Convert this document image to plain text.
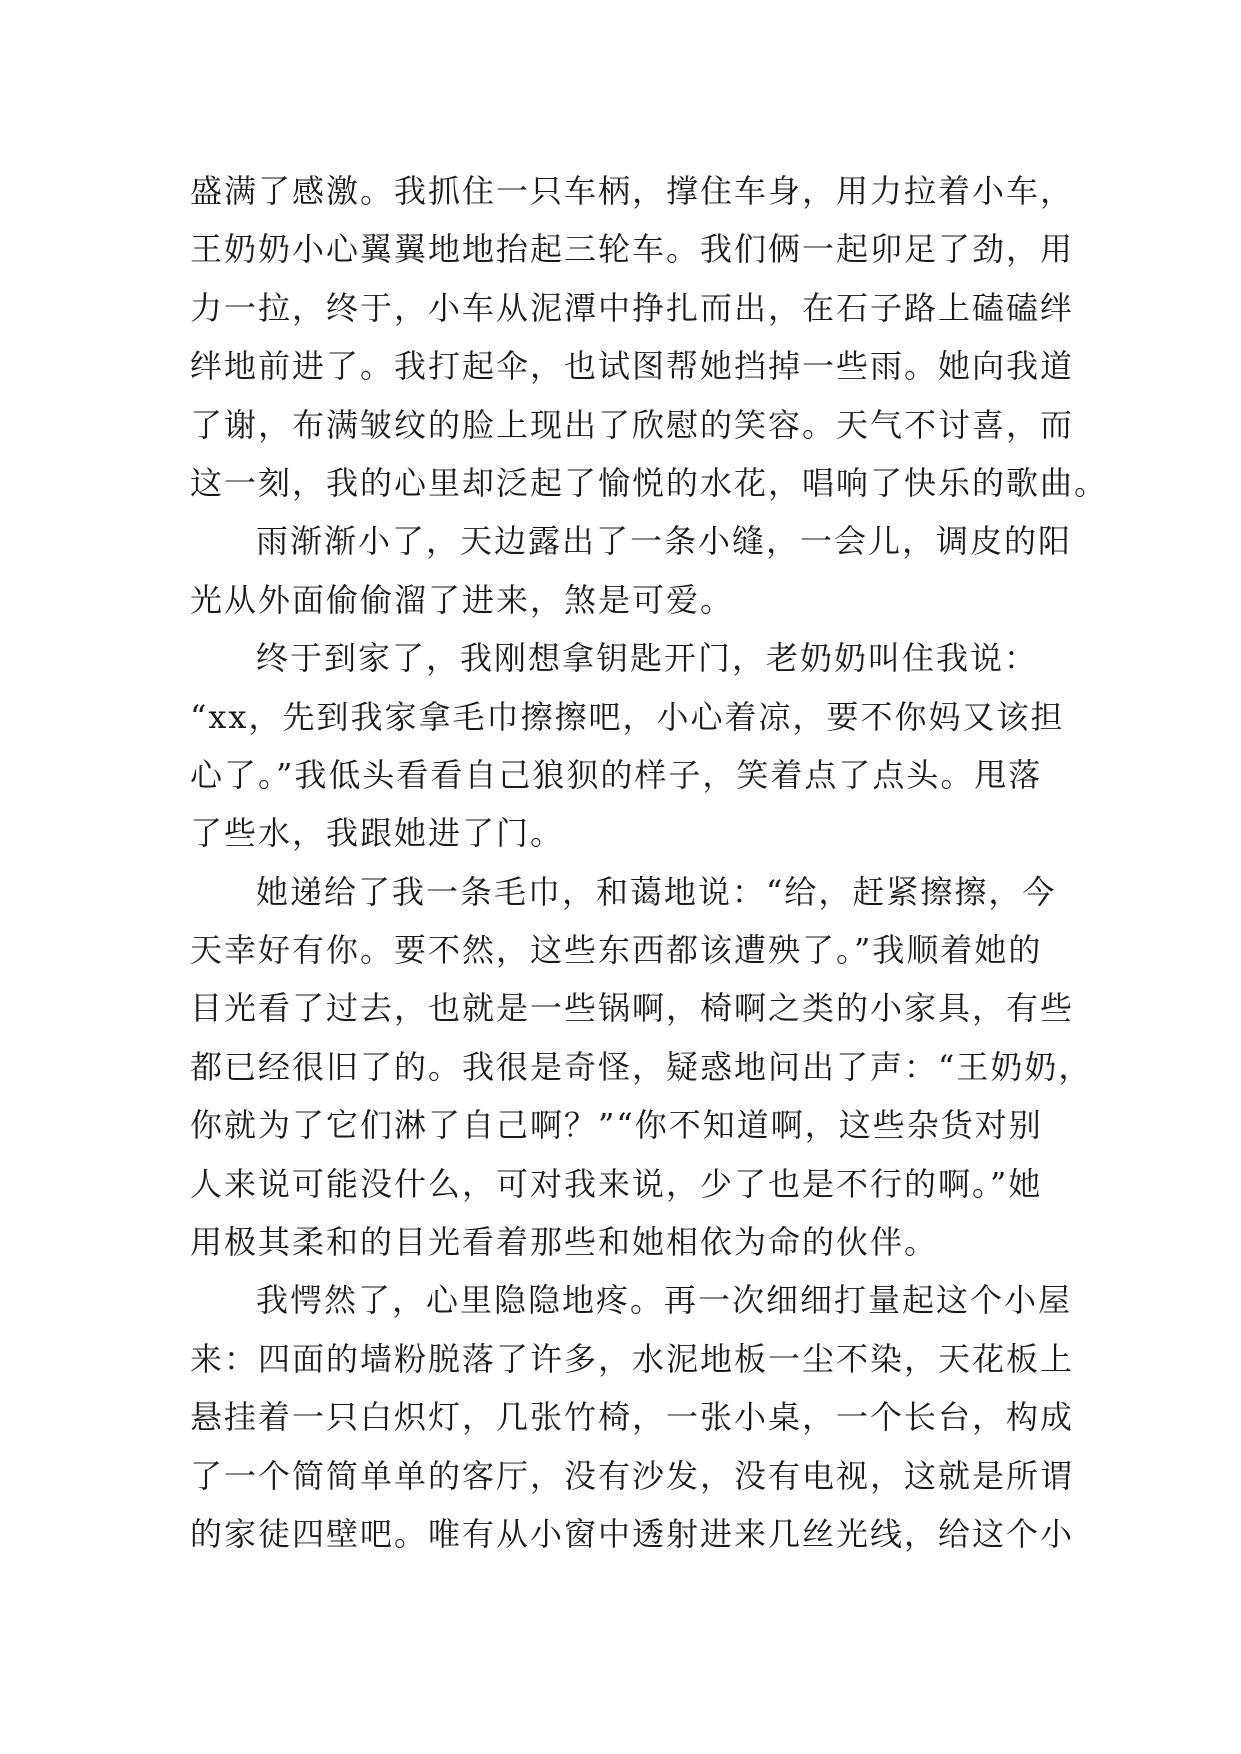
盛满了感激。我抓住一只车柄，撑住车身，用力拉着小车，
王奶奶小心翼翼地地抬起三轮车。我们俩一起卯足了劲，用
力一拉，终于，小车从泥潭中挣扎而出，在石子路上磕磕绊
绊地前进了。我打起伞，也试图帮她挡掉一些雨。她向我道
了谢，布满皱纹的脸上现出了欣慰的笑容。天气不讨喜，而
这一刻，我的心里却泛起了愉悦的水花，唱响了快乐的歌曲。
雨渐渐小了，天边露出了一条小缝，一会儿，调皮的阳
光从外面偷偷溜了进来，煞是可爱。
终于到家了，我刚想拿钥匙开门，老奶奶叫住我说：
“xx，先到我家拿毛巾擦擦吧，小心着凉，要不你妈又该担
心了。”我低头看看自己狼狈的样子，笑着点了点头。甩落
了些水，我跟她进了门。
她递给了我一条毛巾，和蔼地说：“给，赶紧擦擦，今
天幸好有你。要不然，这些东西都该遭殃了。”我顺着她的
目光看了过去，也就是一些锅啊，椅啊之类的小家具，有些
都已经很旧了的。我很是奇怪，疑惑地问出了声：“王奶奶，
你就为了它们淋了自己啊？”“你不知道啊，这些杂货对别
人来说可能没什么，可对我来说，少了也是不行的啊。”她
用极其柔和的目光看着那些和她相依为命的伙伴。
我愕然了，心里隐隐地疼。再一次细细打量起这个小屋
来：四面的墙粉脱落了许多，水泥地板一尘不染，天花板上
悬挂着一只白炽灯，几张竹椅，一张小桌，一个长台，构成
了一个简简单单的客厅，没有沙发，没有电视，这就是所谓
的家徒四壁吧。唯有从小窗中透射进来几丝光线，给这个小
